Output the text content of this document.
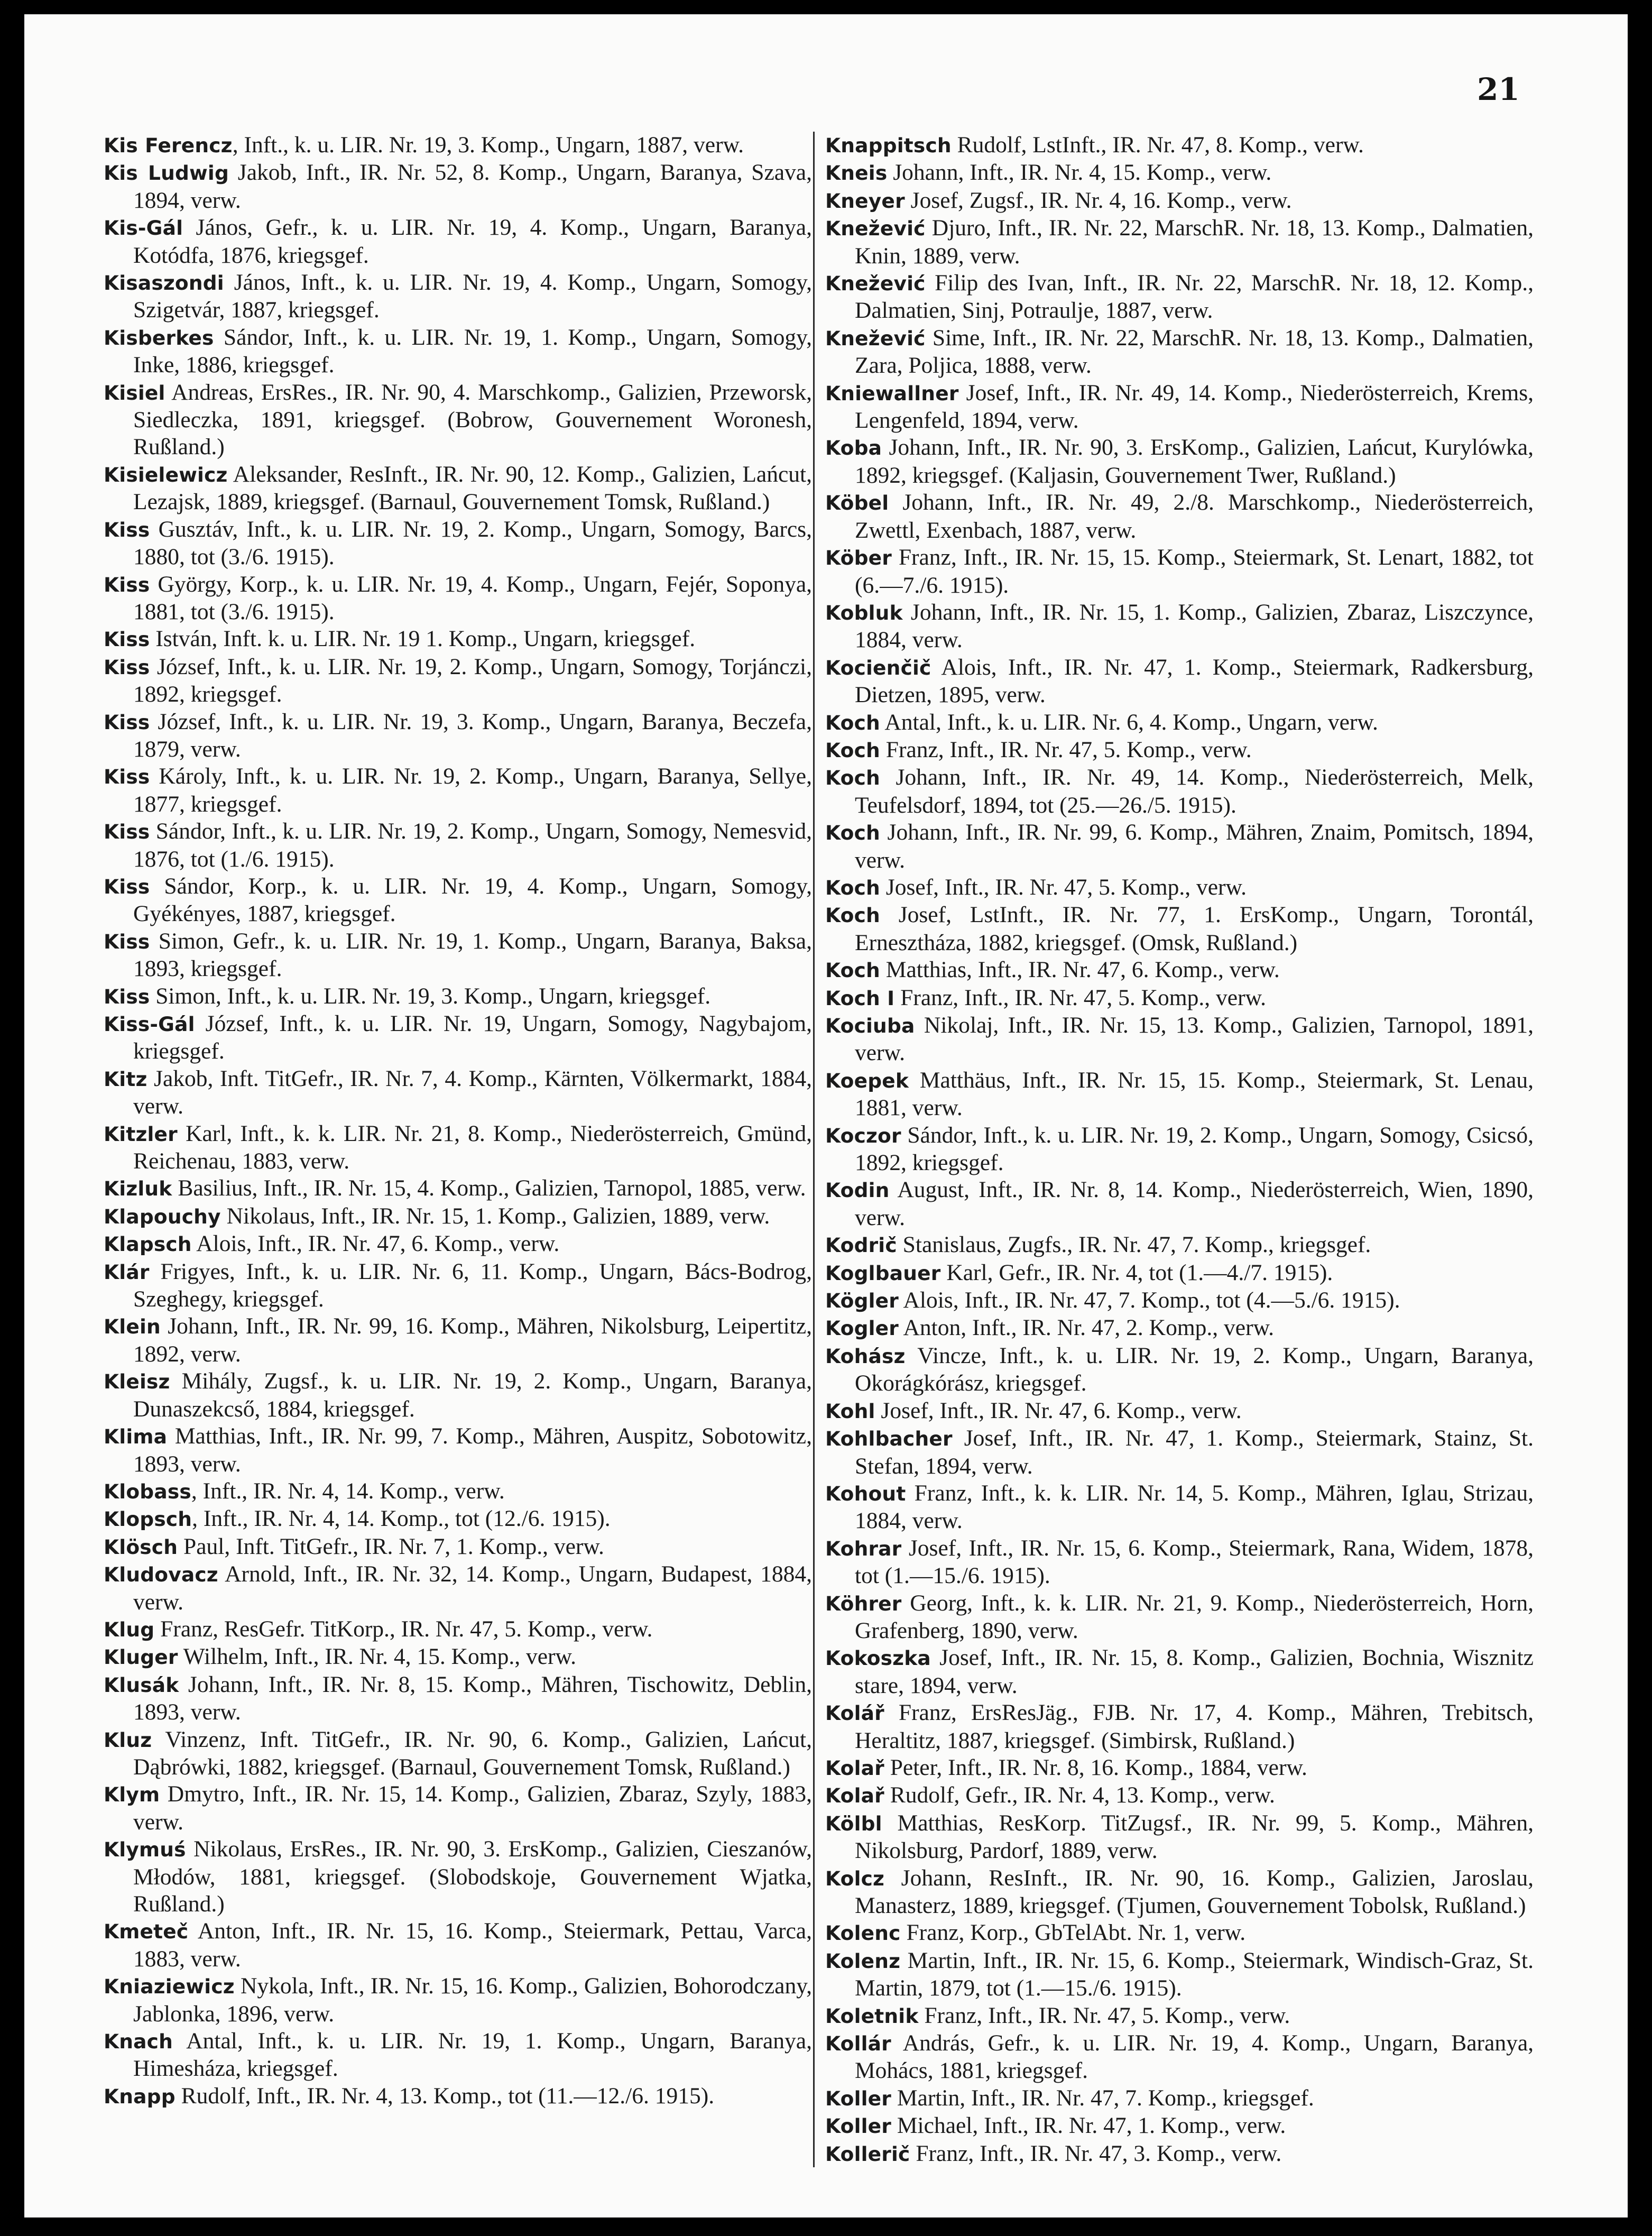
21

Kis Ferencz, Inft., k. u. LIR. Nr. 19, 3. Komp., Ungarn, 1887, verw.

Kis Ludwig Jakob, Inft., IR. Nr. 52, 8. Komp., Ungarn, Baranya, Szava, 1894, verw.

Kis-Gál János, Gefr., k. u. LIR. Nr. 19, 4. Komp., Ungarn, Baranya, Kotódfa, 1876, kriegsgef.

Kisaszondi János, Inft., k. u. LIR. Nr. 19, 4. Komp., Ungarn, Somogy, Szigetvár, 1887, kriegsgef.

Kisberkes Sándor, Inft., k. u. LIR. Nr. 19, 1. Komp., Ungarn, Somogy, Inke, 1886, kriegsgef.

Kisiel Andreas, ErsRes., IR. Nr. 90, 4. Marschkomp., Galizien, Przeworsk, Siedleczka, 1891, kriegsgef. (Bobrow, Gouvernement Woronesh, Rußland.)

Kisielewicz Aleksander, ResInft., IR. Nr. 90, 12. Komp., Galizien, Lańcut, Lezajsk, 1889, kriegsgef. (Barnaul, Gouvernement Tomsk, Rußland.)

Kiss Gusztáv, Inft., k. u. LIR. Nr. 19, 2. Komp., Ungarn, Somogy, Barcs, 1880, tot (3./6. 1915).

Kiss György, Korp., k. u. LIR. Nr. 19, 4. Komp., Ungarn, Fejér, Soponya, 1881, tot (3./6. 1915).

Kiss István, Inft. k. u. LIR. Nr. 19 1. Komp., Ungarn, kriegsgef.

Kiss József, Inft., k. u. LIR. Nr. 19, 2. Komp., Ungarn, Somogy, Torjánczi, 1892, kriegsgef.

Kiss József, Inft., k. u. LIR. Nr. 19, 3. Komp., Ungarn, Baranya, Beczefa, 1879, verw.

Kiss Károly, Inft., k. u. LIR. Nr. 19, 2. Komp., Ungarn, Baranya, Sellye, 1877, kriegsgef.

Kiss Sándor, Inft., k. u. LIR. Nr. 19, 2. Komp., Ungarn, Somogy, Nemesvid, 1876, tot (1./6. 1915).

Kiss Sándor, Korp., k. u. LIR. Nr. 19, 4. Komp., Ungarn, Somogy, Gyékényes, 1887, kriegsgef.

Kiss Simon, Gefr., k. u. LIR. Nr. 19, 1. Komp., Ungarn, Baranya, Baksa, 1893, kriegsgef.

Kiss Simon, Inft., k. u. LIR. Nr. 19, 3. Komp., Ungarn, kriegsgef.

Kiss-Gál József, Inft., k. u. LIR. Nr. 19, Ungarn, Somogy, Nagybajom, kriegsgef.

Kitz Jakob, Inft. TitGefr., IR. Nr. 7, 4. Komp., Kärnten, Völkermarkt, 1884, verw.

Kitzler Karl, Inft., k. k. LIR. Nr. 21, 8. Komp., Niederösterreich, Gmünd, Reichenau, 1883, verw.

Kizluk Basilius, Inft., IR. Nr. 15, 4. Komp., Galizien, Tarnopol, 1885, verw.

Klapouchy Nikolaus, Inft., IR. Nr. 15, 1. Komp., Galizien, 1889, verw.

Klapsch Alois, Inft., IR. Nr. 47, 6. Komp., verw.

Klár Frigyes, Inft., k. u. LIR. Nr. 6, 11. Komp., Ungarn, Bács-Bodrog, Szeghegy, kriegsgef.

Klein Johann, Inft., IR. Nr. 99, 16. Komp., Mähren, Nikolsburg, Leipertitz, 1892, verw.

Kleisz Mihály, Zugsf., k. u. LIR. Nr. 19, 2. Komp., Ungarn, Baranya, Dunaszekcső, 1884, kriegsgef.

Klima Matthias, Inft., IR. Nr. 99, 7. Komp., Mähren, Auspitz, Sobotowitz, 1893, verw.

Klobass, Inft., IR. Nr. 4, 14. Komp., verw.

Klopsch, Inft., IR. Nr. 4, 14. Komp., tot (12./6. 1915).

Klösch Paul, Inft. TitGefr., IR. Nr. 7, 1. Komp., verw.

Kludovacz Arnold, Inft., IR. Nr. 32, 14. Komp., Ungarn, Budapest, 1884, verw.

Klug Franz, ResGefr. TitKorp., IR. Nr. 47, 5. Komp., verw.

Kluger Wilhelm, Inft., IR. Nr. 4, 15. Komp., verw.

Klusák Johann, Inft., IR. Nr. 8, 15. Komp., Mähren, Tischowitz, Deblin, 1893, verw.

Kluz Vinzenz, Inft. TitGefr., IR. Nr. 90, 6. Komp., Galizien, Lańcut, Dąbrówki, 1882, kriegsgef. (Barnaul, Gouvernement Tomsk, Rußland.)

Klym Dmytro, Inft., IR. Nr. 15, 14. Komp., Galizien, Zbaraz, Szyly, 1883, verw.

Klymuś Nikolaus, ErsRes., IR. Nr. 90, 3. ErsKomp., Galizien, Cieszanów, Młodów, 1881, kriegsgef. (Slobodskoje, Gouvernement Wjatka, Rußland.)

Kmeteč Anton, Inft., IR. Nr. 15, 16. Komp., Steiermark, Pettau, Varca, 1883, verw.

Kniaziewicz Nykola, Inft., IR. Nr. 15, 16. Komp., Galizien, Bohorodczany, Jablonka, 1896, verw.

Knach Antal, Inft., k. u. LIR. Nr. 19, 1. Komp., Ungarn, Baranya, Himesháza, kriegsgef.

Knapp Rudolf, Inft., IR. Nr. 4, 13. Komp., tot (11.—12./6. 1915).

Knappitsch Rudolf, LstInft., IR. Nr. 47, 8. Komp., verw.

Kneis Johann, Inft., IR. Nr. 4, 15. Komp., verw.

Kneyer Josef, Zugsf., IR. Nr. 4, 16. Komp., verw.

Knežević Djuro, Inft., IR. Nr. 22, MarschR. Nr. 18, 13. Komp., Dalmatien, Knin, 1889, verw.

Knežević Filip des Ivan, Inft., IR. Nr. 22, MarschR. Nr. 18, 12. Komp., Dalmatien, Sinj, Potraulje, 1887, verw.

Knežević Sime, Inft., IR. Nr. 22, MarschR. Nr. 18, 13. Komp., Dalmatien, Zara, Poljica, 1888, verw.

Kniewallner Josef, Inft., IR. Nr. 49, 14. Komp., Niederösterreich, Krems, Lengenfeld, 1894, verw.

Koba Johann, Inft., IR. Nr. 90, 3. ErsKomp., Galizien, Lańcut, Kurylówka, 1892, kriegsgef. (Kaljasin, Gouvernement Twer, Rußland.)

Köbel Johann, Inft., IR. Nr. 49, 2./8. Marschkomp., Niederösterreich, Zwettl, Exenbach, 1887, verw.

Köber Franz, Inft., IR. Nr. 15, 15. Komp., Steiermark, St. Lenart, 1882, tot (6.—7./6. 1915).

Kobluk Johann, Inft., IR. Nr. 15, 1. Komp., Galizien, Zbaraz, Liszczynce, 1884, verw.

Kocienčič Alois, Inft., IR. Nr. 47, 1. Komp., Steiermark, Radkersburg, Dietzen, 1895, verw.

Koch Antal, Inft., k. u. LIR. Nr. 6, 4. Komp., Ungarn, verw.

Koch Franz, Inft., IR. Nr. 47, 5. Komp., verw.

Koch Johann, Inft., IR. Nr. 49, 14. Komp., Niederösterreich, Melk, Teufelsdorf, 1894, tot (25.—26./5. 1915).

Koch Johann, Inft., IR. Nr. 99, 6. Komp., Mähren, Znaim, Pomitsch, 1894, verw.

Koch Josef, Inft., IR. Nr. 47, 5. Komp., verw.

Koch Josef, LstInft., IR. Nr. 77, 1. ErsKomp., Ungarn, Torontál, Ernesztháza, 1882, kriegsgef. (Omsk, Rußland.)

Koch Matthias, Inft., IR. Nr. 47, 6. Komp., verw.

Koch I Franz, Inft., IR. Nr. 47, 5. Komp., verw.

Kociuba Nikolaj, Inft., IR. Nr. 15, 13. Komp., Galizien, Tarnopol, 1891, verw.

Koepek Matthäus, Inft., IR. Nr. 15, 15. Komp., Steiermark, St. Lenau, 1881, verw.

Koczor Sándor, Inft., k. u. LIR. Nr. 19, 2. Komp., Ungarn, Somogy, Csicsó, 1892, kriegsgef.

Kodin August, Inft., IR. Nr. 8, 14. Komp., Niederösterreich, Wien, 1890, verw.

Kodrič Stanislaus, Zugfs., IR. Nr. 47, 7. Komp., kriegsgef.

Koglbauer Karl, Gefr., IR. Nr. 4, tot (1.—4./7. 1915).

Kögler Alois, Inft., IR. Nr. 47, 7. Komp., tot (4.—5./6. 1915).

Kogler Anton, Inft., IR. Nr. 47, 2. Komp., verw.

Kohász Vincze, Inft., k. u. LIR. Nr. 19, 2. Komp., Ungarn, Baranya, Okorágkórász, kriegsgef.

Kohl Josef, Inft., IR. Nr. 47, 6. Komp., verw.

Kohlbacher Josef, Inft., IR. Nr. 47, 1. Komp., Steiermark, Stainz, St. Stefan, 1894, verw.

Kohout Franz, Inft., k. k. LIR. Nr. 14, 5. Komp., Mähren, Iglau, Strizau, 1884, verw.

Kohrar Josef, Inft., IR. Nr. 15, 6. Komp., Steiermark, Rana, Widem, 1878, tot (1.—15./6. 1915).

Köhrer Georg, Inft., k. k. LIR. Nr. 21, 9. Komp., Niederösterreich, Horn, Grafenberg, 1890, verw.

Kokoszka Josef, Inft., IR. Nr. 15, 8. Komp., Galizien, Bochnia, Wisznitz stare, 1894, verw.

Kolář Franz, ErsResJäg., FJB. Nr. 17, 4. Komp., Mähren, Trebitsch, Heraltitz, 1887, kriegsgef. (Simbirsk, Rußland.)

Kolař Peter, Inft., IR. Nr. 8, 16. Komp., 1884, verw.

Kolař Rudolf, Gefr., IR. Nr. 4, 13. Komp., verw.

Kölbl Matthias, ResKorp. TitZugsf., IR. Nr. 99, 5. Komp., Mähren, Nikolsburg, Pardorf, 1889, verw.

Kolcz Johann, ResInft., IR. Nr. 90, 16. Komp., Galizien, Jaroslau, Manasterz, 1889, kriegsgef. (Tjumen, Gouvernement Tobolsk, Rußland.)

Kolenc Franz, Korp., GbTelAbt. Nr. 1, verw.

Kolenz Martin, Inft., IR. Nr. 15, 6. Komp., Steiermark, Windisch-Graz, St. Martin, 1879, tot (1.—15./6. 1915).

Koletnik Franz, Inft., IR. Nr. 47, 5. Komp., verw.

Kollár András, Gefr., k. u. LIR. Nr. 19, 4. Komp., Ungarn, Baranya, Mohács, 1881, kriegsgef.

Koller Martin, Inft., IR. Nr. 47, 7. Komp., kriegsgef.

Koller Michael, Inft., IR. Nr. 47, 1. Komp., verw.

Kollerič Franz, Inft., IR. Nr. 47, 3. Komp., verw.
